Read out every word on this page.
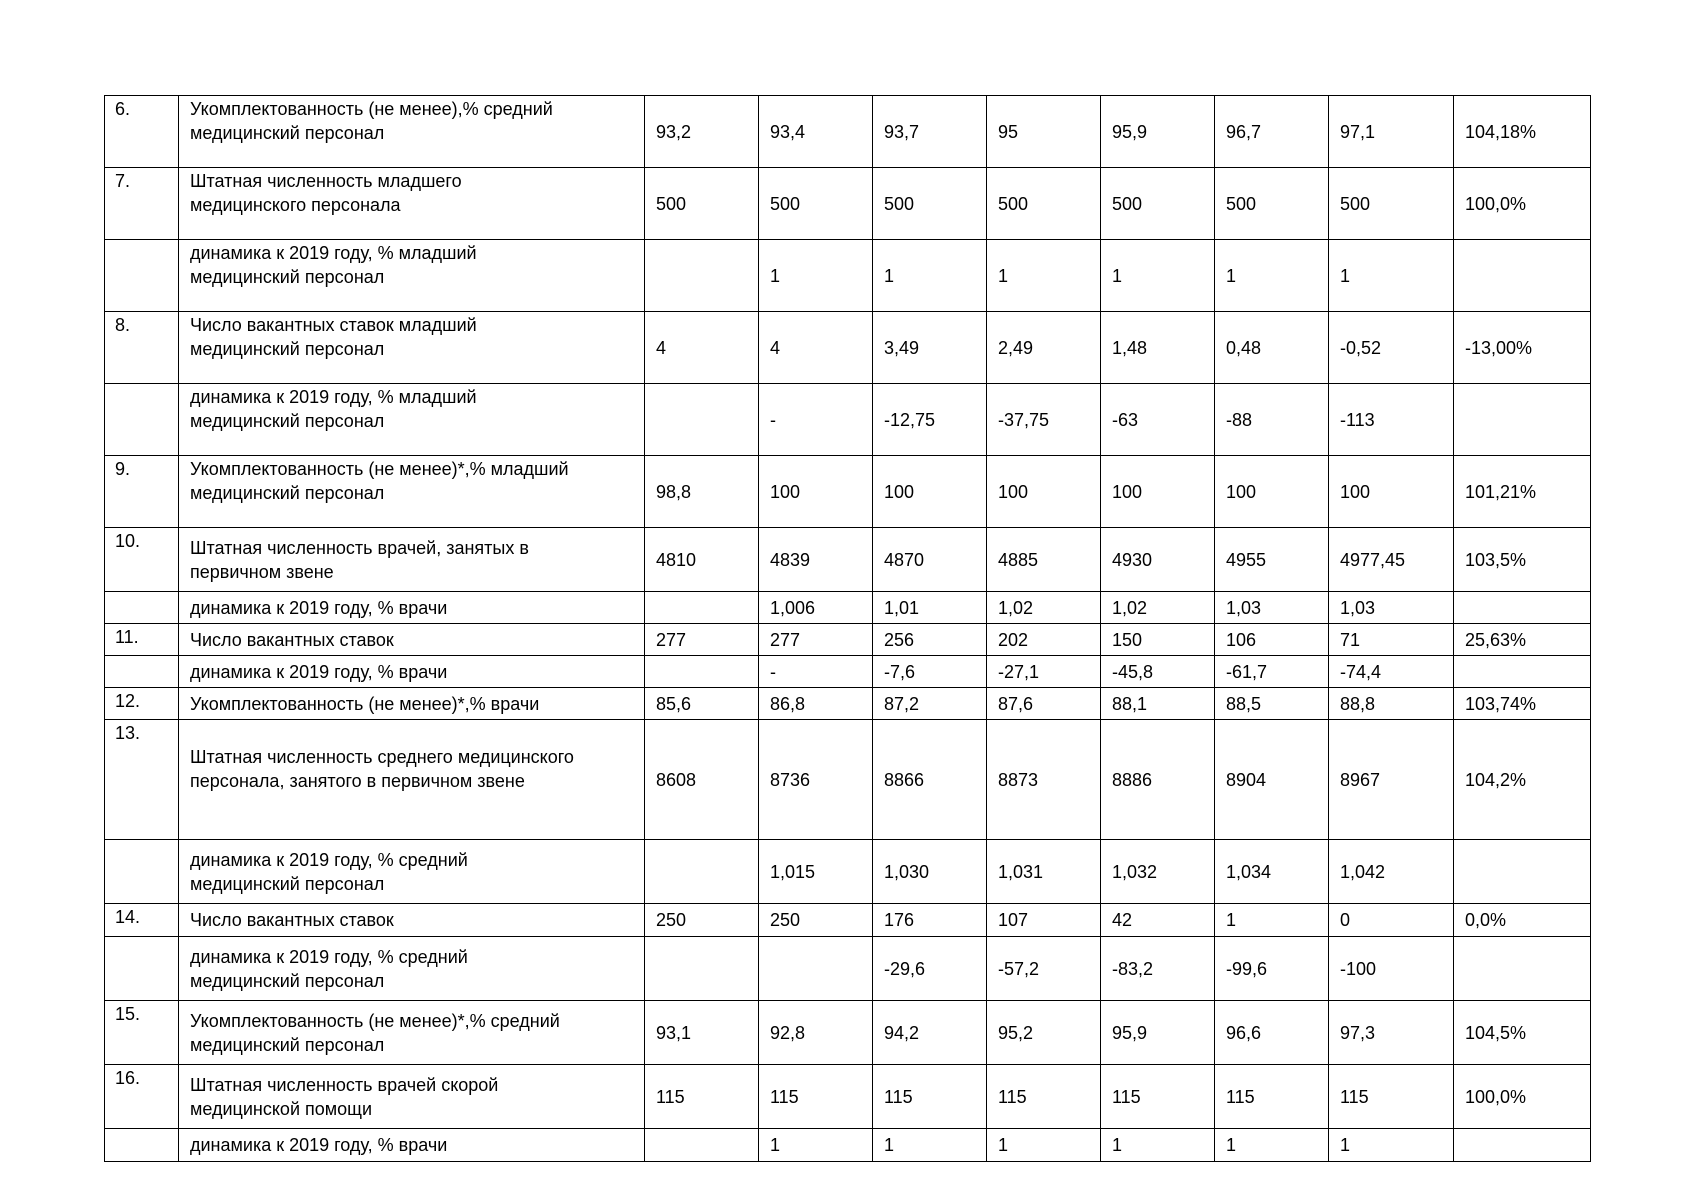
6.	Укомплектованность (не менее),% средний
медицинский персонал	93,2	93,4	93,7	95	95,9	96,7	97,1	104,18%
7.	Штатная численность младшего
медицинского персонала	500	500	500	500	500	500	500	100,0%

	динамика к 2019 году, % младший
медицинский персонал		1	1	1	1	1	1	
8.	Число вакантных ставок младший
медицинский персонал	4	4	3,49	2,49	1,48	0,48	-0,52	-13,00%

	динамика к 2019 году, % младший
медицинский персонал		-	-12,75	-37,75	-63	-88	-113	
9.	Укомплектованность (не менее)*,% младший
медицинский персонал	98,8	100	100	100	100	100	100	101,21%
10.	Штатная численность врачей, занятых в
первичном звене	4810	4839	4870	4885	4930	4955	4977,45	103,5%

	динамика к 2019 году, % врачи		1,006	1,01	1,02	1,02	1,03	1,03	
11.	Число вакантных ставок	277	277	256	202	150	106	71	25,63%

	динамика к 2019 году, % врачи		-	-7,6	-27,1	-45,8	-61,7	-74,4	
12.	Укомплектованность (не менее)*,% врачи	85,6	86,8	87,2	87,6	88,1	88,5	88,8	103,74%
13.	Штатная численность среднего медицинского
персонала, занятого в первичном звене	8608	8736	8866	8873	8886	8904	8967	104,2%

	динамика к 2019 году, % средний
медицинский персонал		1,015	1,030	1,031	1,032	1,034	1,042	
14.	Число вакантных ставок	250	250	176	107	42	1	0	0,0%

	динамика к 2019 году, % средний
медицинский персонал			-29,6	-57,2	-83,2	-99,6	-100	
15.	Укомплектованность (не менее)*,% средний
медицинский персонал	93,1	92,8	94,2	95,2	95,9	96,6	97,3	104,5%
16.	Штатная численность врачей скорой
медицинской помощи	115	115	115	115	115	115	115	100,0%

	динамика к 2019 году, % врачи		1	1	1	1	1	1	
